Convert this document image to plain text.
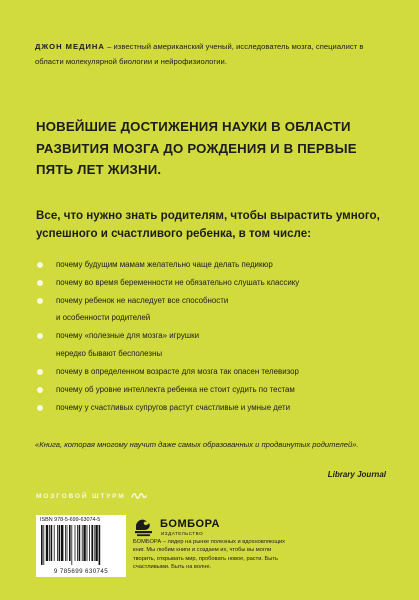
ДЖОН МЕДИНА – известный американский ученый, исследователь мозга, специалист в области молекулярной биологии и нейрофизиологии.
НОВЕЙШИЕ ДОСТИЖЕНИЯ НАУКИ В ОБЛАСТИ РАЗВИТИЯ МОЗГА ДО РОЖДЕНИЯ И В ПЕРВЫЕ ПЯТЬ ЛЕТ ЖИЗНИ.
Все, что нужно знать родителям, чтобы вырастить умного, успешного и счастливого ребенка, в том числе:
почему будущим мамам желательно чаще делать педикюр
почему во время беременности не обязательно слушать классику
почему ребенок не наследует все способности
и особенности родителей
почему «полезные для мозга» игрушки
нередко бывают бесполезны
почему в определенном возрасте для мозга так опасен телевизор
почему об уровне интеллекта ребенка не стоит судить по тестам
почему у счастливых супругов растут счастливые и умные дети
«Книга, которая многому научит даже самых образованных и продвинутых родителей».
Library Journal
МОЗГОВОЙ ШТУРМ
ISBN 978-5-699-63074-5
9 785699 630745
БОМБОРА
ИЗДАТЕЛЬСТВО
БОМБОРА – лидер на рынке полезных и вдохновляющих книг. Мы любим книги и создаем их, чтобы вы могли творить, открывать мир, пробовать новое, расти. Быть счастливыми. Быть на волне.
